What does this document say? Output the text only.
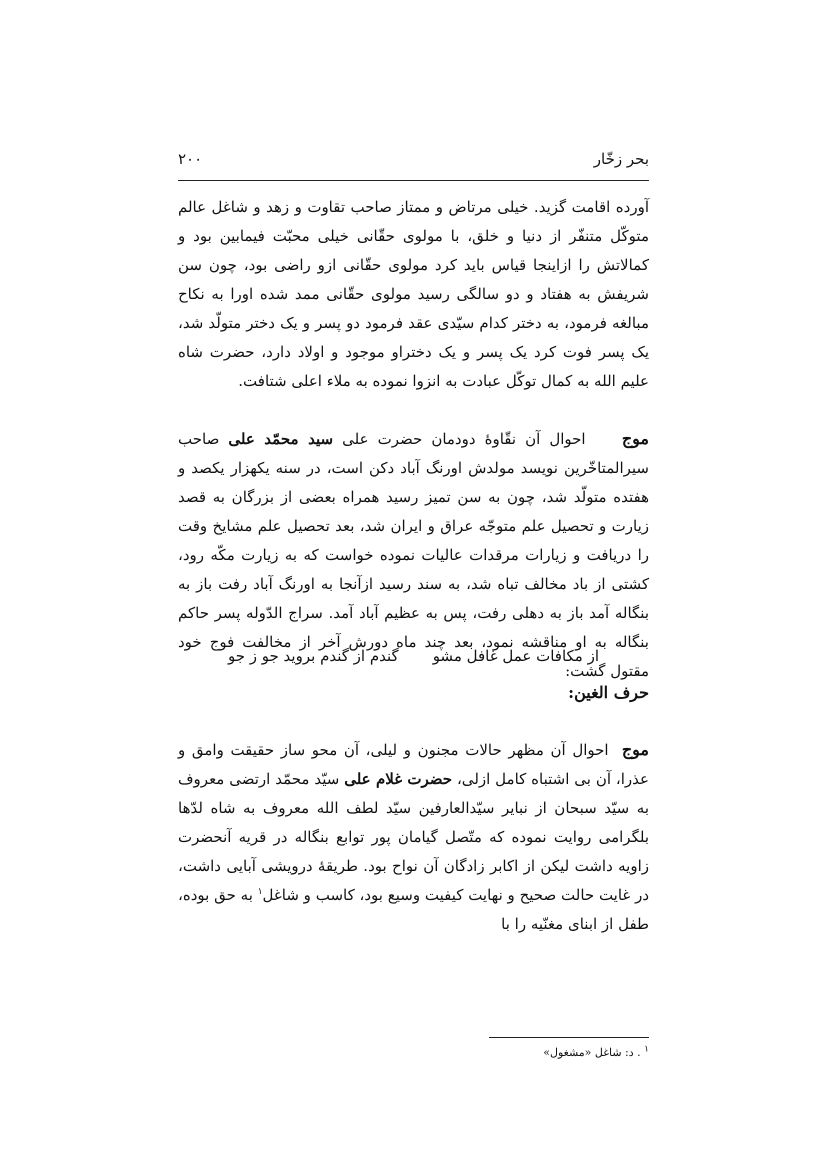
بحر زخّار
۲۰۰

آورده اقامت گزید. خیلی مرتاض و ممتاز صاحب تقاوت و زهد و شاغل عالم متوکّل متنفّر از دنیا و خلق، با مولوی حقّانی خیلی محبّت فیمابین بود و کمالاتش را ازاینجا قیاس باید کرد مولوی حقّانی ازو راضی بود، چون سن شریفش به هفتاد و دو سالگی رسید مولوی حقّانی ممد شده اورا به نکاح مبالغه فرمود، به دختر کدام سیّدی عقد فرمود دو پسر و یک دختر متولّد شد، یک پسر فوت کرد یک پسر و یک دختراو موجود و اولاد دارد، حضرت شاه علیم الله به کمال توکّل عبادت به انزوا نموده به ملاء اعلی شتافت.

موج    احوال آن نقّاوۀ دودمان حضرت علی سید محمّد علی صاحب سیرالمتاخّرین نویسد مولدش اورنگ آباد دکن است، در سنه یکهزار یکصد و هفتده متولّد شد، چون به سن تمیز رسید همراه بعضی از بزرگان به قصد زیارت و تحصیل علم متوجّه عراق و ایران شد، بعد تحصیل علم مشایخ وقت را دریافت و زیارات مرقدات عالیات نموده خواست که به زیارت مکّه رود، کشتی از باد مخالف تباه شد، به سند رسید ازآنجا به اورنگ آباد رفت باز به بنگاله آمد باز به دهلی رفت، پس به عظیم آباد آمد. سراج الدّوله پسر حاکم بنگاله به او مناقشه نمود، بعد چند ماه دورش آخر از مخالفت فوج خود مقتول گشت:

از مکافات عمل غافل مشوگندم از گندم بروید جو ز جو
حرف الغین:

موج  احوال آن مظهر حالات مجنون و لیلی، آن محو ساز حقیقت وامق و عذرا، آن بی اشتباه کامل ازلی، حضرت غلام علی سیّد محمّد ارتضی معروف به سیّد سبحان از نبایر سیّدالعارفین سیّد لطف الله معروف به شاه لدّها بلگرامی روایت نموده که متّصل گیامان پور توابع بنگاله در قریه آنحضرت زاویه داشت لیکن از اکابر زادگان آن نواح بود. طریقۀ درویشی آبایی داشت، در غایت حالت صحیح و نهایت کیفیت وسیع بود، کاسب و شاغل$^۱$ به حق بوده، طفل از ابنای مغنّیه را با

$^۱$ . د: شاغل «مشغول»
